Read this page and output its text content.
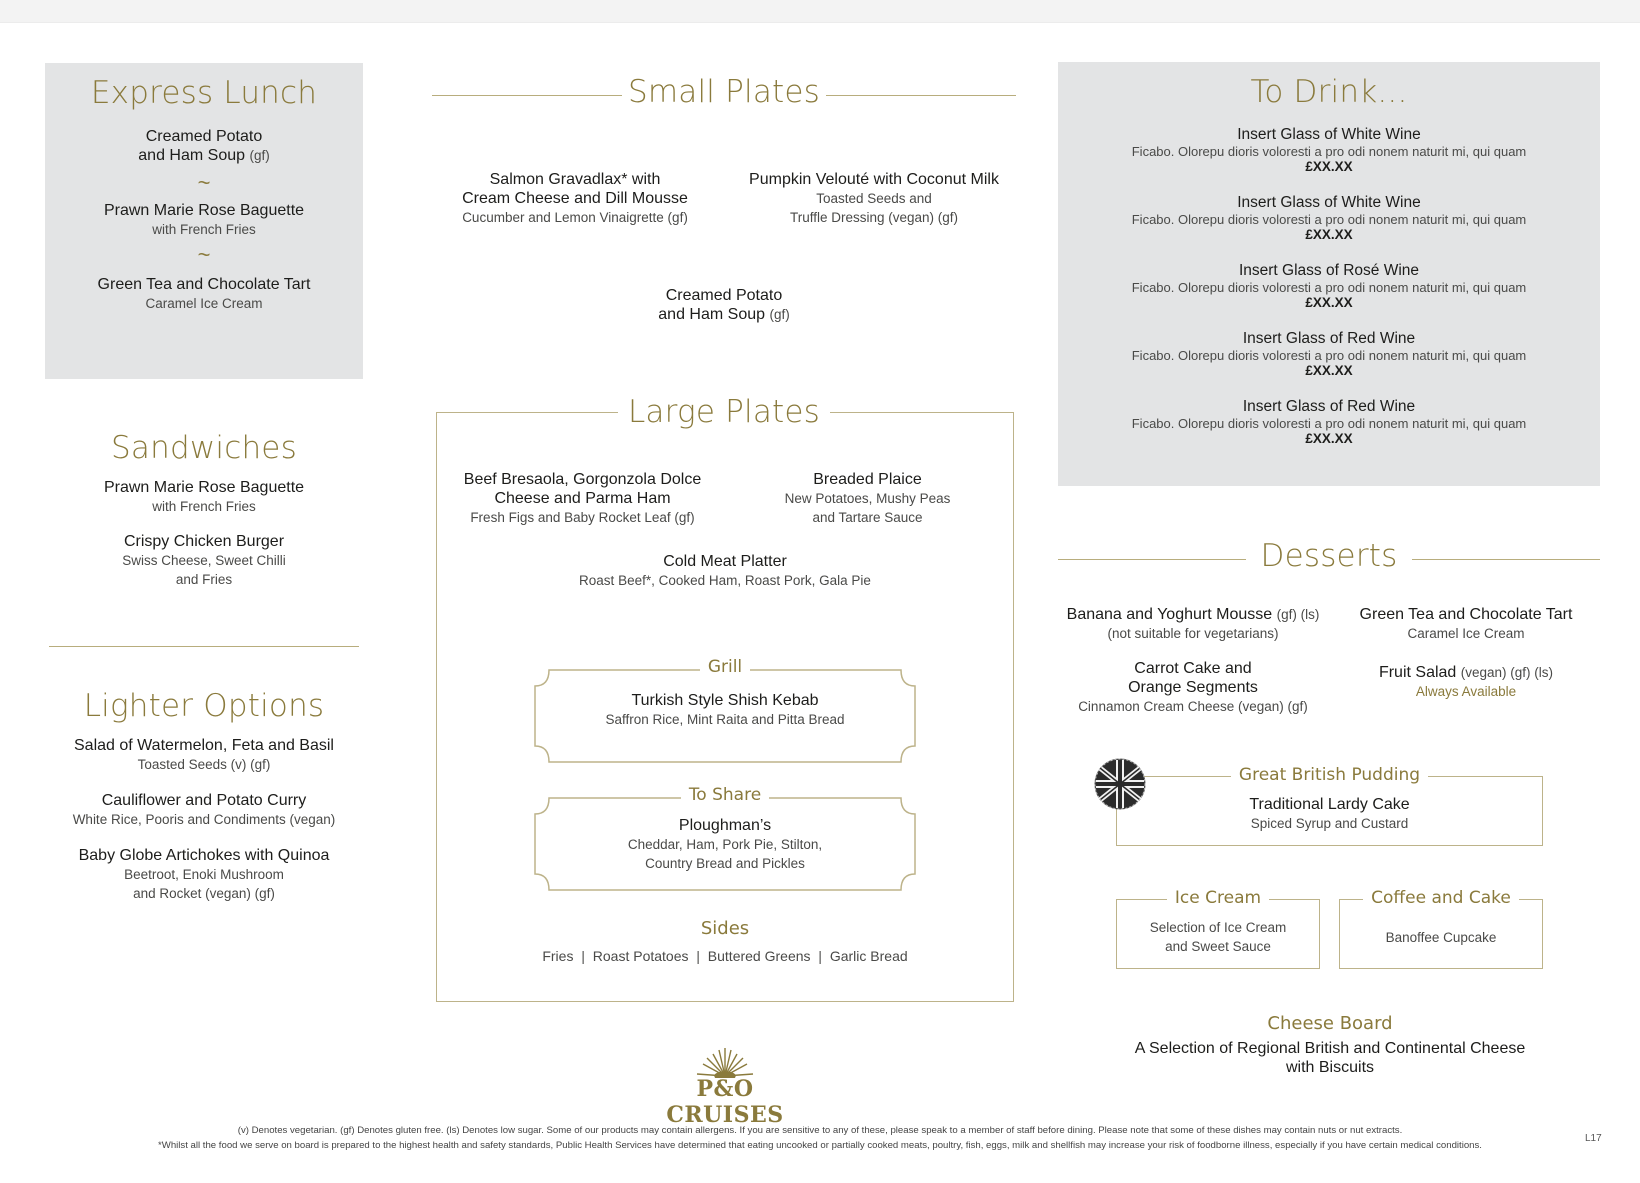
Express Lunch
Creamed Potato
and Ham Soup (gf)
~
Prawn Marie Rose Baguette
with French Fries
~
Green Tea and Chocolate Tart
Caramel Ice Cream
Sandwiches
Prawn Marie Rose Baguette
with French Fries
Crispy Chicken Burger
Swiss Cheese, Sweet Chilli
and Fries
Lighter Options
Salad of Watermelon, Feta and Basil
Toasted Seeds (v) (gf)
Cauliflower and Potato Curry
White Rice, Pooris and Condiments (vegan)
Baby Globe Artichokes with Quinoa
Beetroot, Enoki Mushroom
and Rocket (vegan) (gf)
Small Plates
Salmon Gravadlax* with
Cream Cheese and Dill Mousse
Cucumber and Lemon Vinaigrette (gf)
Pumpkin Velouté with Coconut Milk
Toasted Seeds and
Truffle Dressing (vegan) (gf)
Creamed Potato
and Ham Soup (gf)
Large Plates
Beef Bresaola, Gorgonzola Dolce
Cheese and Parma Ham
Fresh Figs and Baby Rocket Leaf (gf)
Breaded Plaice
New Potatoes, Mushy Peas
and Tartare Sauce
Cold Meat Platter
Roast Beef*, Cooked Ham, Roast Pork, Gala Pie
Grill
Turkish Style Shish Kebab
Saffron Rice, Mint Raita and Pitta Bread
To Share
Ploughman’s
Cheddar, Ham, Pork Pie, Stilton,
Country Bread and Pickles
Sides
Fries | Roast Potatoes | Buttered Greens | Garlic Bread
P&O CRUISES
To Drink...
Insert Glass of White Wine
Ficabo. Olorepu dioris voloresti a pro odi nonem naturit mi, qui quam
£XX.XX
Insert Glass of White Wine
Ficabo. Olorepu dioris voloresti a pro odi nonem naturit mi, qui quam
£XX.XX
Insert Glass of Rosé Wine
Ficabo. Olorepu dioris voloresti a pro odi nonem naturit mi, qui quam
£XX.XX
Insert Glass of Red Wine
Ficabo. Olorepu dioris voloresti a pro odi nonem naturit mi, qui quam
£XX.XX
Insert Glass of Red Wine
Ficabo. Olorepu dioris voloresti a pro odi nonem naturit mi, qui quam
£XX.XX
Desserts
Banana and Yoghurt Mousse (gf) (ls)
(not suitable for vegetarians)
Green Tea and Chocolate Tart
Caramel Ice Cream
Carrot Cake and
Orange Segments
Cinnamon Cream Cheese (vegan) (gf)
Fruit Salad (vegan) (gf) (ls)
Always Available
Great British Pudding
Traditional Lardy Cake
Spiced Syrup and Custard
Ice Cream
Selection of Ice Cream
and Sweet Sauce
Coffee and Cake
Banoffee Cupcake
Cheese Board
A Selection of Regional British and Continental Cheese
with Biscuits
(v) Denotes vegetarian. (gf) Denotes gluten free. (ls) Denotes low sugar. Some of our products may contain allergens. If you are sensitive to any of these, please speak to a member of staff before dining. Please note that some of these dishes may contain nuts or nut extracts.
*Whilst all the food we serve on board is prepared to the highest health and safety standards, Public Health Services have determined that eating uncooked or partially cooked meats, poultry, fish, eggs, milk and shellfish may increase your risk of foodborne illness, especially if you have certain medical conditions.
L17
